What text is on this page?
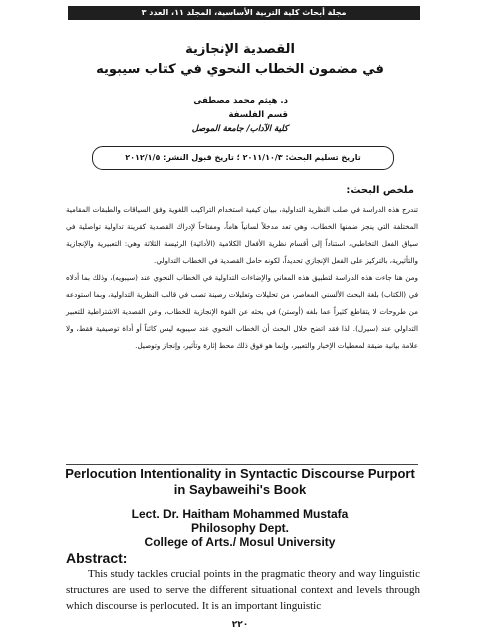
مجلة أبحاث كلية التربية الأساسية، المجلد ١١، العدد ٣
القصدية الإنجازية
في مضمون الخطاب النحوي في كتاب سيبويه
د. هيثم محمد مصطفى
قسم الفلسفة
كلية الآداب/ جامعة الموصل
تاريخ تسليم البحث: ٢٠١١/١٠/٣ ؛ تاريخ قبول النشر: ٢٠١٢/١/٥
ملخص البحث:

تندرج هذه الدراسة في صلب النظرية التداولية، ببيان كيفية استخدام التراكيب اللغوية وفق السياقات والطبقات المقامية المختلفة التي ينجز ضمنها الخطاب، وهي تعد مدخلاً لسانياً هاماً، ومفتاحاً لإدراك القصدية كقرينة تداولية تواصلية في سياق الفعل التخاطبي، استناداً إلى أقسام نظرية الأفعال الكلامية (الأدائية) الرئيسة الثلاثة وهي: التعبيرية والإنجازية والتأثيرية، بالتركيز على الفعل الإنجازي تحديداً، لكونه حامل القصدية في الخطاب التداولي.

ومن هنا جاءت هذه الدراسة لتطبيق هذه المعاني والإضاءات التداولية في الخطاب النحوي عند (سيبويه)، وذلك بما أدلاه في (الكتاب) بلغة البحث الألسني المعاصر، من تحليلات وتعليلات رصينة تصب في قالب النظرية التداولية، وبما استودعه من طروحات لا يتقاطع كثيراً عما بلغه (أوستن) في بحثه عن القوة الإنجازية للخطاب، وعن القصدية الاشتراطية للتعبير التداولي عند (سيرل). لذا فقد اتضح خلال البحث أن الخطاب النحوي عند سيبويه ليس كائناً أو أداة توصيفية فقط، ولا علامة بيانية ضيقة لمعطيات الإخبار والتعبير، وإنما هو فوق ذلك محط إثارة وتأثير، وإنجاز وتوصيل.

Perlocution Intentionality in Syntactic Discourse Purport
in Saybaweihi's Book
Lect. Dr. Haitham Mohammed Mustafa
Philosophy Dept.
College of Arts./ Mosul University
Abstract:

This study tackles crucial points in the pragmatic theory and way linguistic structures are used to serve the different situational context and levels through which discourse is perlocuted. It is an important linguistic

٢٢٠
